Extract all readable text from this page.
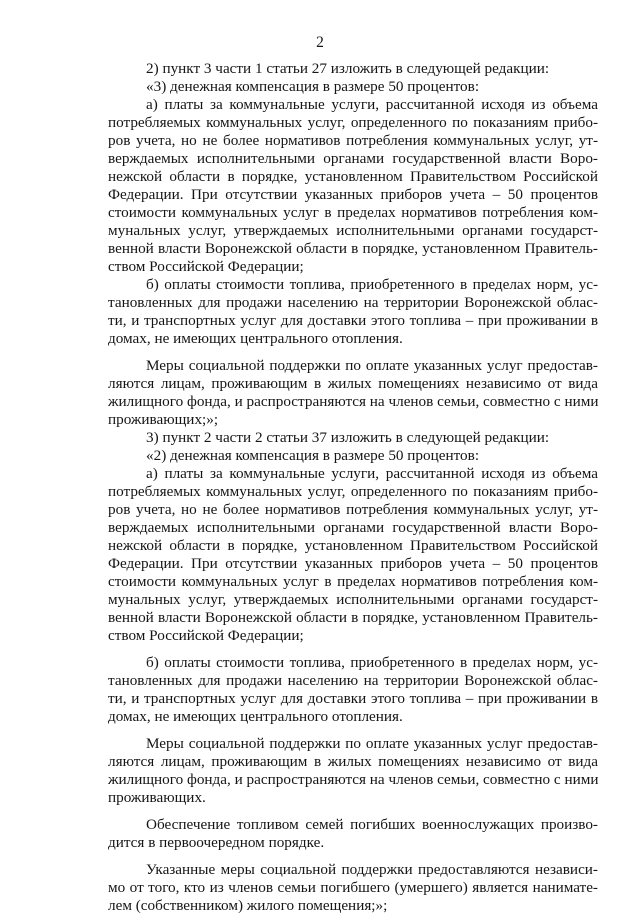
2
2) пункт 3 части 1 статьи 27 изложить в следующей редакции:
«3) денежная компенсация в размере 50 процентов:
а) платы за коммунальные услуги, рассчитанной исходя из объема
потребляемых коммунальных услуг, определенного по показаниям прибо-
ров учета, но не более нормативов потребления коммунальных услуг, ут-
верждаемых исполнительными органами государственной власти Воро-
нежской области в порядке, установленном Правительством Российской
Федерации. При отсутствии указанных приборов учета – 50 процентов
стоимости коммунальных услуг в пределах нормативов потребления ком-
мунальных услуг, утверждаемых исполнительными органами государст-
венной власти Воронежской области в порядке, установленном Правитель-
ством Российской Федерации;
б) оплаты стоимости топлива, приобретенного в пределах норм, ус-
тановленных для продажи населению на территории Воронежской облас-
ти, и транспортных услуг для доставки этого топлива – при проживании в
домах, не имеющих центрального отопления.
Меры социальной поддержки по оплате указанных услуг предостав-
ляются лицам, проживающим в жилых помещениях независимо от вида
жилищного фонда, и распространяются на членов семьи, совместно с ними
проживающих;»;
3) пункт 2 части 2 статьи 37 изложить в следующей редакции:
«2) денежная компенсация в размере 50 процентов:
а) платы за коммунальные услуги, рассчитанной исходя из объема
потребляемых коммунальных услуг, определенного по показаниям прибо-
ров учета, но не более нормативов потребления коммунальных услуг, ут-
верждаемых исполнительными органами государственной власти Воро-
нежской области в порядке, установленном Правительством Российской
Федерации. При отсутствии указанных приборов учета – 50 процентов
стоимости коммунальных услуг в пределах нормативов потребления ком-
мунальных услуг, утверждаемых исполнительными органами государст-
венной власти Воронежской области в порядке, установленном Правитель-
ством Российской Федерации;
б) оплаты стоимости топлива, приобретенного в пределах норм, ус-
тановленных для продажи населению на территории Воронежской облас-
ти, и транспортных услуг для доставки этого топлива – при проживании в
домах, не имеющих центрального отопления.
Меры социальной поддержки по оплате указанных услуг предостав-
ляются лицам, проживающим в жилых помещениях независимо от вида
жилищного фонда, и распространяются на членов семьи, совместно с ними
проживающих.
Обеспечение топливом семей погибших военнослужащих произво-
дится в первоочередном порядке.
Указанные меры социальной поддержки предоставляются независи-
мо от того, кто из членов семьи погибшего (умершего) является нанимате-
лем (собственником) жилого помещения;»;
